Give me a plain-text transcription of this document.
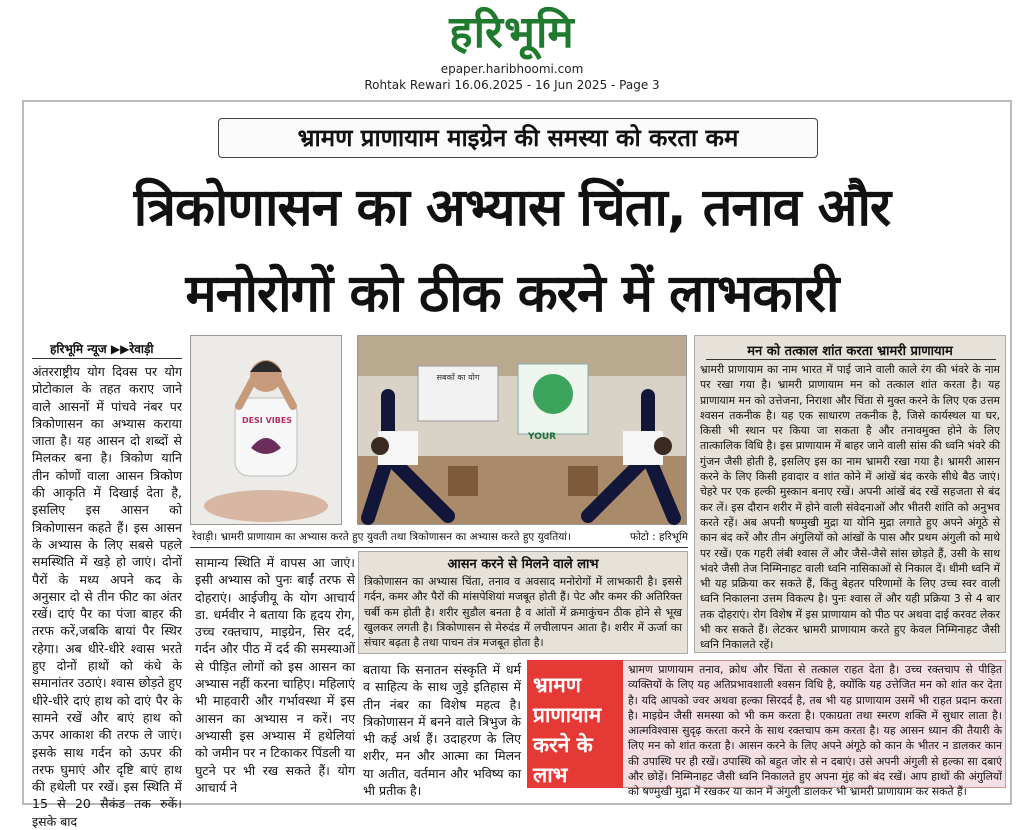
हरिभूमि
epaper.haribhoomi.com
Rohtak Rewari 16.06.2025 - 16 Jun 2025 - Page 3
भ्रामण प्राणायाम माइग्रेन की समस्या को करता कम
त्रिकोणासन का अभ्यास चिंता, तनाव और
मनोरोगों को ठीक करने में लाभकारी
हरिभूमि न्यूज ▶▶रेवाड़ी
अंतरराष्ट्रीय योग दिवस पर योग प्रोटोकाल के तहत कराए जाने वाले आसनों में पांचवे नंबर पर त्रिकोणासन का अभ्यास कराया जाता है। यह आसन दो शब्दों से मिलकर बना है। त्रिकोण यानि तीन कोणों वाला आसन त्रिकोण की आकृति में दिखाई देता है, इसलिए इस आसन को त्रिकोणासन कहते हैं। इस आसन के अभ्यास के लिए सबसे पहले समस्थिति में खड़े हो जाएं। दोनों पैरों के मध्य अपने कद के अनुसार दो से तीन फीट का अंतर रखें। दाएं पैर का पंजा बाहर की तरफ करें,जबकि बायां पैर स्थिर रहेगा। अब धीरे-धीरे श्वास भरते हुए दोनों हाथों को कंधे के समानांतर उठाएं। श्वास छोड़ते हुए धीरे-धीरे दाएं हाथ को दाएं पैर के सामने रखें और बाएं हाथ को ऊपर आकाश की तरफ ले जाएं। इसके साथ गर्दन को ऊपर की तरफ घुमाएं और दृष्टि बाएं हाथ की हथेली पर रखें। इस स्थिति में 15 से 20 सैकंड तक रुकें। इसके बाद
DESI VIBES
सबकों का योग
YOUR
रेवाड़ी। भ्रामरी प्राणायाम का अभ्यास करते हुए युवती तथा त्रिकोणासन का अभ्यास करते हुए युवतियां।	फोटो : हरिभूमि
सामान्य स्थिति में वापस आ जाएं। इसी अभ्यास को पुनः बाईं तरफ से दोहराएं। आईजीयू के योग आचार्य डा. धर्मवीर ने बताया कि हृदय रोग, उच्च रक्तचाप, माइग्रेन, सिर दर्द, गर्दन और पीठ में दर्द की समस्याओं से पीड़ित लोगों को इस आसन का अभ्यास नहीं करना चाहिए। महिलाएं भी माहवारी और गर्भावस्था में इस आसन का अभ्यास न करें। नए अभ्यासी इस अभ्यास में हथेलियां को जमीन पर न टिकाकर पिंडली या घुटने पर भी रख सकते हैं। योग आचार्य ने
आसन करने से मिलने वाले लाभ
त्रिकोणासन का अभ्यास चिंता, तनाव व अवसाद मनोरोगों में लाभकारी है। इससे गर्दन, कमर और पैरों की मांसपेशियां मजबूत होती हैं। पेट और कमर की अतिरिक्त चर्बी कम होती है। शरीर सुडौल बनता है व आंतों में क्रमाकुंचन ठीक होने से भूख खुलकर लगती है। त्रिकोणासन से मेरुदंड में लचीलापन आता है। शरीर में ऊर्जा का संचार बढ़ता है तथा पाचन तंत्र मजबूत होता है।
बताया कि सनातन संस्कृति में धर्म व साहित्य के साथ जुड़े इतिहास में तीन नंबर का विशेष महत्व है। त्रिकोणासन में बनने वाले त्रिभुज के भी कई अर्थ हैं। उदाहरण के लिए शरीर, मन और आत्मा का मिलन या अतीत, वर्तमान और भविष्य का भी प्रतीक है।
मन को तत्काल शांत करता भ्रामरी प्राणायाम
भ्रामरी प्राणायाम का नाम भारत में पाई जाने वाली काले रंग की भंवरे के नाम पर रखा गया है। भ्रामरी प्राणायाम मन को तत्काल शांत करता है। यह प्राणायाम मन को उत्तेजना, निराशा और चिंता से मुक्त करने के लिए एक उत्तम श्वसन तकनीक है। यह एक साधारण तकनीक है, जिसे कार्यस्थल या घर, किसी भी स्थान पर किया जा सकता है और तनावमुक्त होने के लिए तात्कालिक विधि है। इस प्राणायाम में बाहर जाने वाली सांस की ध्वनि भंवरे की गुंजन जैसी होती है, इसलिए इस का नाम भ्रामरी रखा गया है। भ्रामरी आसन करने के लिए किसी हवादार व शांत कोने में आंखें बंद करके सीधे बैठ जाएं। चेहरे पर एक हल्की मुस्कान बनाए रखें। अपनी आंखें बंद रखें सहजता से बंद कर लें। इस दौरान शरीर में होने वाली संवेदनाओं और भीतरी शांति को अनुभव करते रहें। अब अपनी षण्मुखी मुद्रा या योनि मुद्रा लगाते हुए अपने अंगूठे से कान बंद करें और तीन अंगुलियों को आंखों के पास और प्रथम अंगुली को माथे पर रखें। एक गहरी लंबी श्वास लें और जैसे-जैसे सांस छोड़ते हैं, उसी के साथ भंवरे जैसी तेज निम्मिनाहट वाली ध्वनि नासिकाओं से निकाल दें। धीमी ध्वनि में भी यह प्रक्रिया कर सकते हैं, किंतु बेहतर परिणामों के लिए उच्च स्वर वाली ध्वनि निकालना उत्तम विकल्प है। पुनः श्वास लें और यही प्रक्रिया 3 से 4 बार तक दोहराएं। रोग विशेष में इस प्राणायाम को पीठ पर अथवा दाई करवट लेकर भी कर सकते हैं। लेटकर भ्रामरी प्राणायाम करते हुए केवल निम्मिनाहट जैसी ध्वनि निकालते रहें।
भ्रामण प्राणायाम करने के लाभ
भ्रामण प्राणायाम तनाव, क्रोध और चिंता से तत्काल राहत देता है। उच्च रक्तचाप से पीड़ित व्यक्तियों के लिए यह अतिप्रभावशाली श्वसन विधि है, क्योंकि यह उत्तेजित मन को शांत कर देता है। यदि आपको ज्वर अथवा हल्का सिरदर्द है, तब भी यह प्राणायाम उसमें भी राहत प्रदान करता है। माइग्रेन जैसी समस्या को भी कम करता है। एकाग्रता तथा स्मरण शक्ति में सुधार लाता है। आत्मविश्वास सुदृढ़ करता करने के साथ रक्तचाप कम करता है। यह आसन ध्यान की तैयारी के लिए मन को शांत करता है। आसन करने के लिए अपने अंगूठे को कान के भीतर न डालकर कान की उपास्थि पर ही रखें। उपास्थि को बहुत जोर से न दबाएं। उसे अपनी अंगुली से हल्का सा दबाएं और छोड़ें। निम्मिनाहट जैसी ध्वनि निकालते हुए अपना मुंह को बंद रखें। आप हाथों की अंगुलियों को षण्मुखी मुद्रा में रखकर या कान में अंगुली डालकर भी भ्रामरी प्राणायाम कर सकते हैं।
